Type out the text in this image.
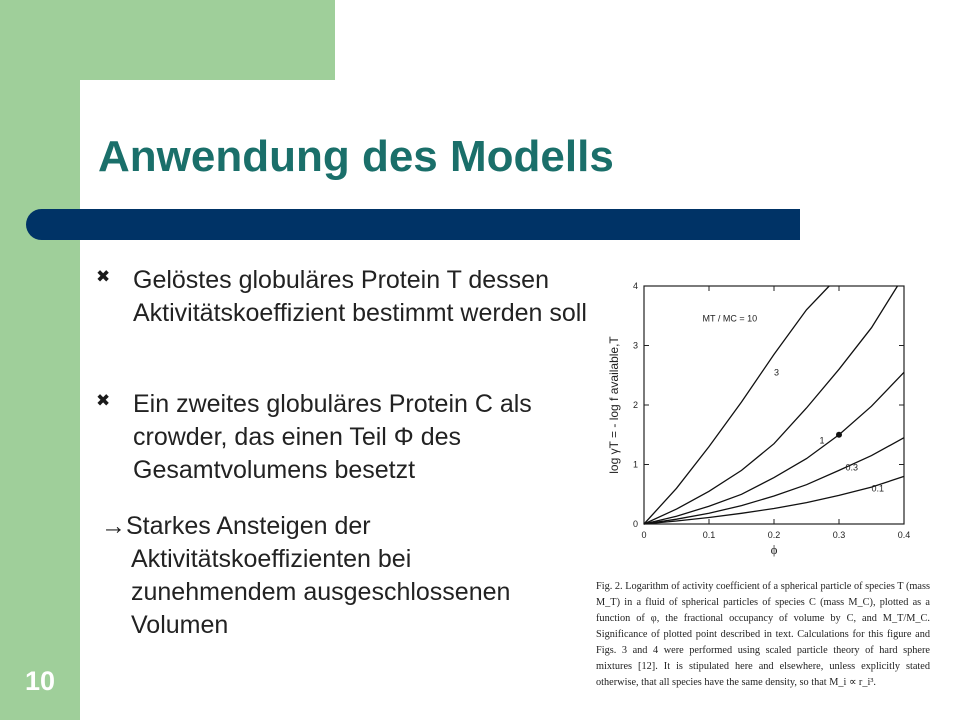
Anwendung des Modells
✖ Gelöstes globuläres Protein T dessen Aktivitätskoeffizient bestimmt werden soll
✖ Ein zweites globuläres Protein C als crowder, das einen Teil Φ des Gesamtvolumens besetzt
→Starkes Ansteigen der
Aktivitätskoeffizienten bei zunehmendem ausgeschlossenen Volumen
0	0.1	0.2	0.3	0.4
0
1
2
3
4
ϕ
log γT = - log f available,T
MT / MC = 10
3
1
0.3
0.1

Fig. 2. Logarithm of activity coefficient of a spherical particle of species T (mass M_T) in a fluid of spherical particles of species C (mass M_C), plotted as a function of φ, the fractional occupancy of volume by C, and M_T/M_C. Significance of plotted point described in text. Calculations for this figure and Figs. 3 and 4 were performed using scaled particle theory of hard sphere mixtures [12]. It is stipulated here and elsewhere, unless explicitly stated otherwise, that all species have the same density, so that M_i ∝ r_i³.

10
